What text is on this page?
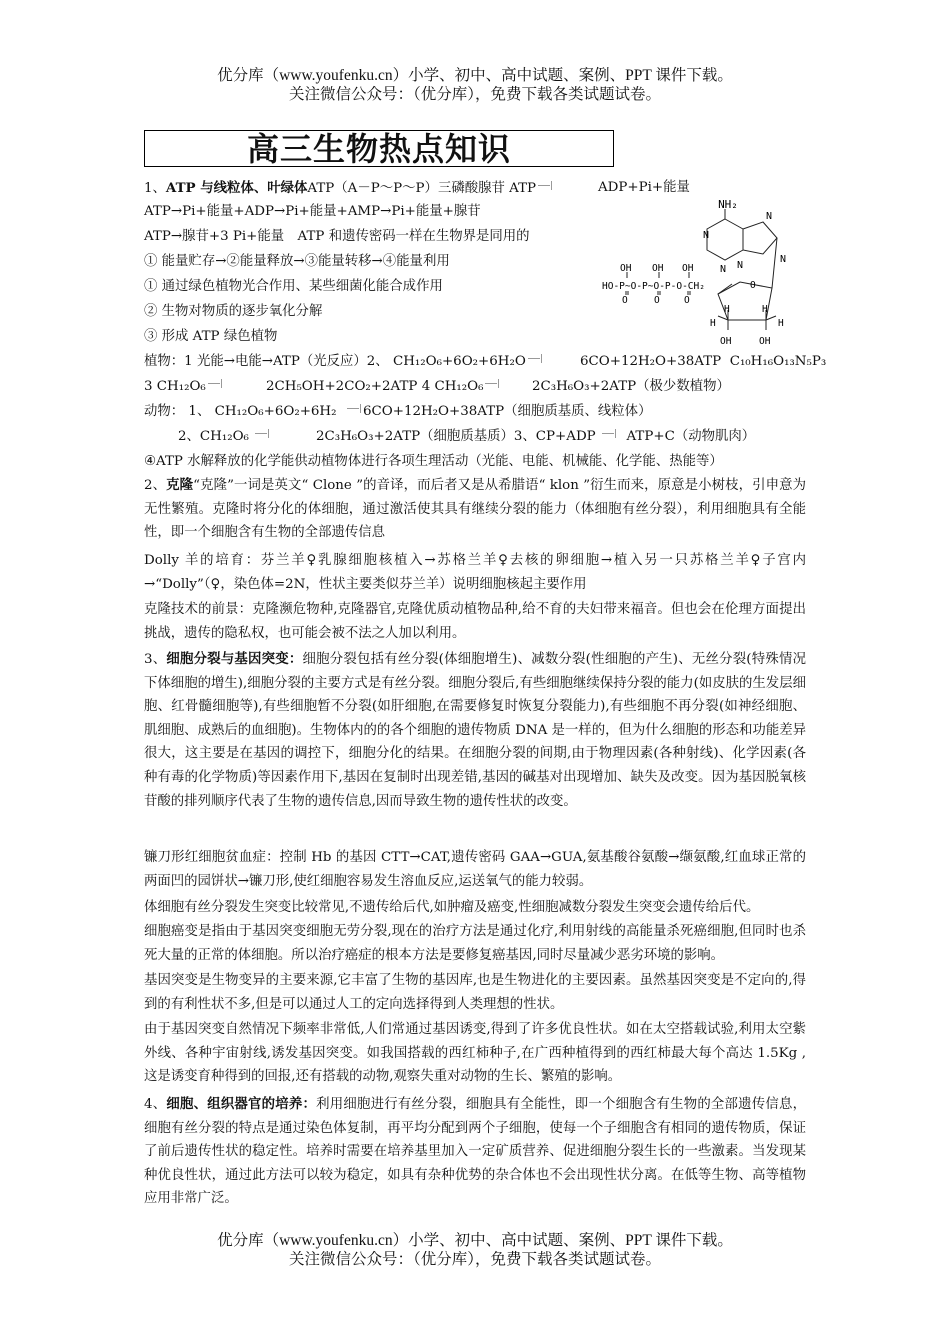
优分库（www.youfenku.cn）小学、初中、高中试题、案例、PPT 课件下载。
关注微信公众号：（优分库），免费下载各类试题试卷。
高三生物热点知识
1、ATP 与线粒体、叶绿体ATP（A－P～P～P）三磷酸腺苷 ATP	ADP+Pi+能量
ATP→Pi+能量+ADP→Pi+能量+AMP→Pi+能量+腺苷
ATP→腺苷+3 Pi+能量　ATP 和遗传密码一样在生物界是同用的
① 能量贮存→②能量释放→③能量转移→④能量利用
① 通过绿色植物光合作用、某些细菌化能合成作用
② 生物对物质的逐步氧化分解
③ 形成 ATP 绿色植物
NH₂
N
N
N
N
N
OH OH OH
HO-P~O-P~O-P-O-CH₂
O	O	O
O
H
H	H
H
OH	OH
植物：1 光能→电能→ATP（光反应）2、 CH₁₂O₆+6O₂+6H₂O	6CO+12H₂O+38ATP C₁₀H₁₆O₁₃N₅P₃
3 CH₁₂O₆	2CH₅OH+2CO₂+2ATP 4 CH₁₂O₆	2C₃H₆O₃+2ATP（极少数植物）
动物： 1、 CH₁₂O₆+6O₂+6H₂ 6CO+12H₂O+38ATP（细胞质基质、线粒体）
2、CH₁₂O₆	2C₃H₆O₃+2ATP（细胞质基质）3、CP+ADP ATP+C（动物肌肉）
④ATP 水解释放的化学能供动植物体进行各项生理活动（光能、电能、机械能、化学能、热能等）
2、克隆“克隆”一词是英文“ Clone ”的音译，而后者又是从希腊语“ klon ”衍生而来，原意是小树枝，引申意为无性繁殖。克隆时将分化的体细胞，通过激活使其具有继续分裂的能力（体细胞有丝分裂），利用细胞具有全能性，即一个细胞含有生物的全部遗传信息
Dolly 羊的培育：芬兰羊♀乳腺细胞核植入→苏格兰羊♀去核的卵细胞→植入另一只苏格兰羊♀子宫内→“Dolly”（♀，染色体=2N，性状主要类似芬兰羊）说明细胞核起主要作用
克隆技术的前景：克隆濒危物种,克隆器官,克隆优质动植物品种,给不育的夫妇带来福音。但也会在伦理方面提出挑战，遗传的隐私权，也可能会被不法之人加以利用。
3、细胞分裂与基因突变：细胞分裂包括有丝分裂(体细胞增生)、减数分裂(性细胞的产生)、无丝分裂(特殊情况下体细胞的增生),细胞分裂的主要方式是有丝分裂。细胞分裂后,有些细胞继续保持分裂的能力(如皮肤的生发层细胞、红骨髓细胞等),有些细胞暂不分裂(如肝细胞,在需要修复时恢复分裂能力),有些细胞不再分裂(如神经细胞、肌细胞、成熟后的血细胞)。生物体内的的各个细胞的遗传物质 DNA 是一样的，但为什么细胞的形态和功能差异很大，这主要是在基因的调控下，细胞分化的结果。在细胞分裂的间期,由于物理因素(各种射线)、化学因素(各种有毒的化学物质)等因素作用下,基因在复制时出现差错,基因的碱基对出现增加、缺失及改变。因为基因脱氧核苷酸的排列顺序代表了生物的遗传信息,因而导致生物的遗传性状的改变。
镰刀形红细胞贫血症：控制 Hb 的基因 CTT→CAT,遗传密码 GAA→GUA,氨基酸谷氨酸→缬氨酸,红血球正常的两面凹的园饼状→镰刀形,使红细胞容易发生溶血反应,运送氧气的能力较弱。
体细胞有丝分裂发生突变比较常见,不遗传给后代,如肿瘤及癌变,性细胞减数分裂发生突变会遗传给后代。
细胞癌变是指由于基因突变细胞无劳分裂,现在的治疗方法是通过化疗,利用射线的高能量杀死癌细胞,但同时也杀死大量的正常的体细胞。所以治疗癌症的根本方法是要修复癌基因,同时尽量减少恶劣环境的影响。
基因突变是生物变异的主要来源,它丰富了生物的基因库,也是生物进化的主要因素。虽然基因突变是不定向的,得到的有利性状不多,但是可以通过人工的定向选择得到人类理想的性状。
由于基因突变自然情况下频率非常低,人们常通过基因诱变,得到了许多优良性状。如在太空搭载试验,利用太空紫外线、各种宇宙射线,诱发基因突变。如我国搭载的西红柿种子,在广西种植得到的西红柿最大每个高达 1.5Kg ,这是诱变育种得到的回报,还有搭载的动物,观察失重对动物的生长、繁殖的影响。
4、细胞、组织器官的培养：利用细胞进行有丝分裂，细胞具有全能性，即一个细胞含有生物的全部遗传信息，细胞有丝分裂的特点是通过染色体复制，再平均分配到两个子细胞，使每一个子细胞含有相同的遗传物质，保证了前后遗传性状的稳定性。培养时需要在培养基里加入一定矿质营养、促进细胞分裂生长的一些激素。当发现某种优良性状，通过此方法可以较为稳定，如具有杂种优势的杂合体也不会出现性状分离。在低等生物、高等植物应用非常广泛。
优分库（www.youfenku.cn）小学、初中、高中试题、案例、PPT 课件下载。
关注微信公众号：（优分库），免费下载各类试题试卷。
